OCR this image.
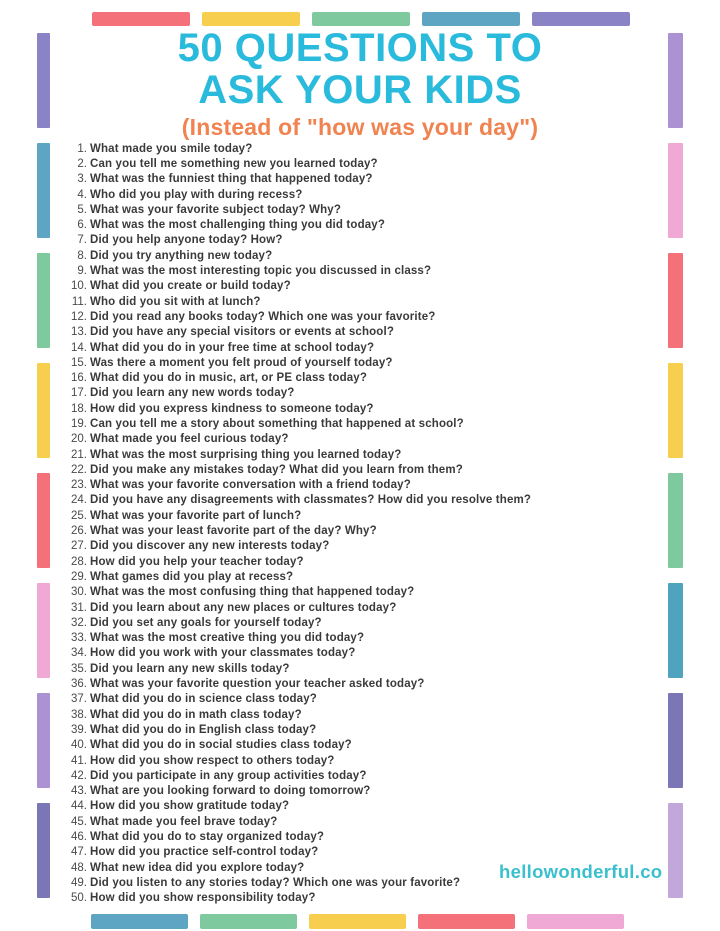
50 QUESTIONS TO
ASK YOUR KIDS
(Instead of "how was your day")
1. What made you smile today?
2. Can you tell me something new you learned today?
3. What was the funniest thing that happened today?
4. Who did you play with during recess?
5. What was your favorite subject today? Why?
6. What was the most challenging thing you did today?
7. Did you help anyone today? How?
8. Did you try anything new today?
9. What was the most interesting topic you discussed in class?
10. What did you create or build today?
11. Who did you sit with at lunch?
12. Did you read any books today? Which one was your favorite?
13. Did you have any special visitors or events at school?
14. What did you do in your free time at school today?
15. Was there a moment you felt proud of yourself today?
16. What did you do in music, art, or PE class today?
17. Did you learn any new words today?
18. How did you express kindness to someone today?
19. Can you tell me a story about something that happened at school?
20. What made you feel curious today?
21. What was the most surprising thing you learned today?
22. Did you make any mistakes today? What did you learn from them?
23. What was your favorite conversation with a friend today?
24. Did you have any disagreements with classmates? How did you resolve them?
25. What was your favorite part of lunch?
26. What was your least favorite part of the day? Why?
27. Did you discover any new interests today?
28. How did you help your teacher today?
29. What games did you play at recess?
30. What was the most confusing thing that happened today?
31. Did you learn about any new places or cultures today?
32. Did you set any goals for yourself today?
33. What was the most creative thing you did today?
34. How did you work with your classmates today?
35. Did you learn any new skills today?
36. What was your favorite question your teacher asked today?
37. What did you do in science class today?
38. What did you do in math class today?
39. What did you do in English class today?
40. What did you do in social studies class today?
41. How did you show respect to others today?
42. Did you participate in any group activities today?
43. What are you looking forward to doing tomorrow?
44. How did you show gratitude today?
45. What made you feel brave today?
46. What did you do to stay organized today?
47. How did you practice self-control today?
48. What new idea did you explore today?
49. Did you listen to any stories today? Which one was your favorite?
50. How did you show responsibility today?
hellowonderful.co
